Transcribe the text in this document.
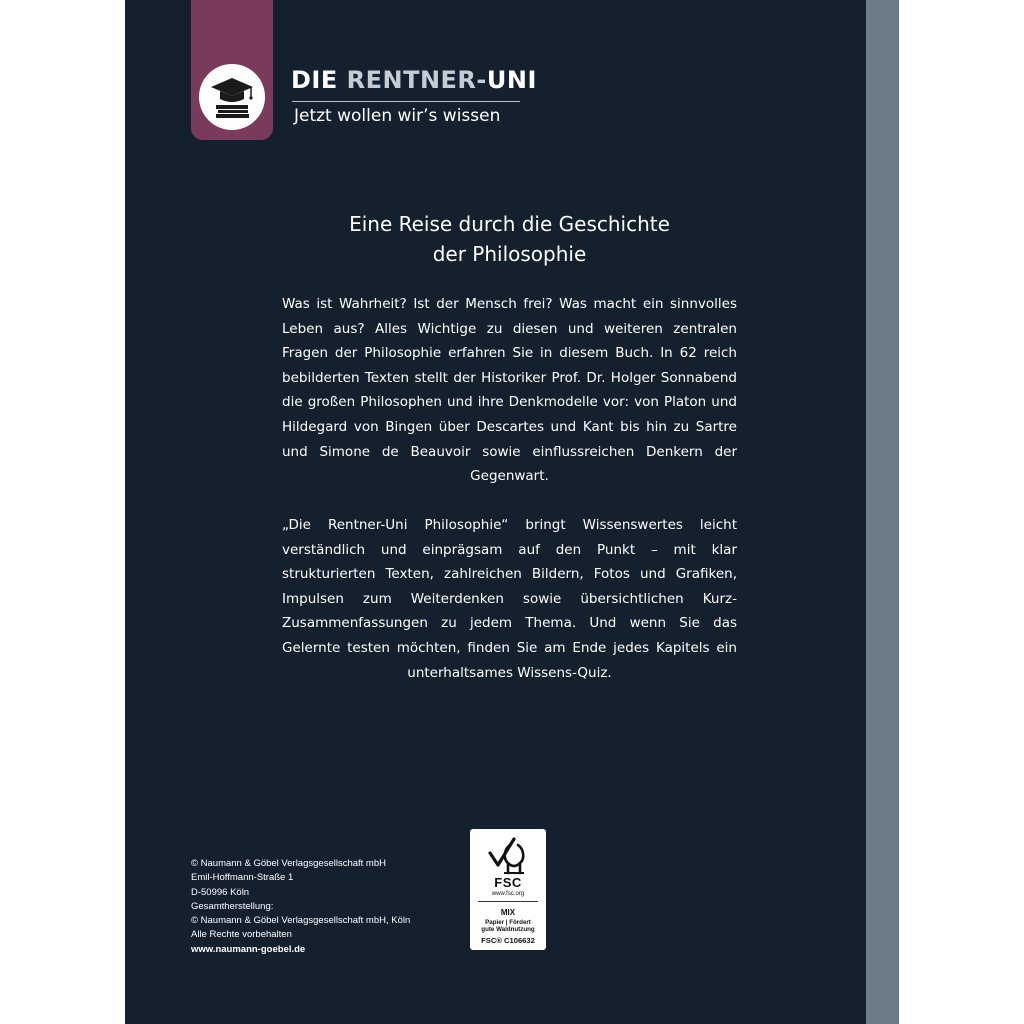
DIE RENTNER-UNI
Jetzt wollen wir’s wissen
Eine Reise durch die Geschichte
der Philosophie

Was ist Wahrheit? Ist der Mensch frei? Was macht ein sinnvolles Leben aus? Alles Wichtige zu diesen und weiteren zentralen Fragen der Philosophie erfahren Sie in diesem Buch. In 62 reich bebilderten Texten stellt der Historiker Prof. Dr. Holger Sonnabend die großen Philosophen und ihre Denkmodelle vor: von Platon und Hildegard von Bingen über Descartes und Kant bis hin zu Sartre und Simone de Beauvoir sowie einflussreichen Denkern der Gegenwart.

„Die Rentner-Uni Philosophie“ bringt Wissenswertes leicht verständlich und einprägsam auf den Punkt – mit klar strukturierten Texten, zahlreichen Bildern, Fotos und Grafiken, Impulsen zum Weiterdenken sowie übersichtlichen Kurz-Zusammenfassungen zu jedem Thema. Und wenn Sie das Gelernte testen möchten, finden Sie am Ende jedes Kapitels ein unterhaltsames Wissens-Quiz.

© Naumann & Göbel Verlagsgesellschaft mbH
Emil-Hoffmann-Straße 1
D-50996 Köln
Gesamtherstellung:
© Naumann & Göbel Verlagsgesellschaft mbH, Köln
Alle Rechte vorbehalten
www.naumann-goebel.de
FSC
www.fsc.org
MIX
Papier | Fördert
gute Waldnutzung
FSC® C106632
